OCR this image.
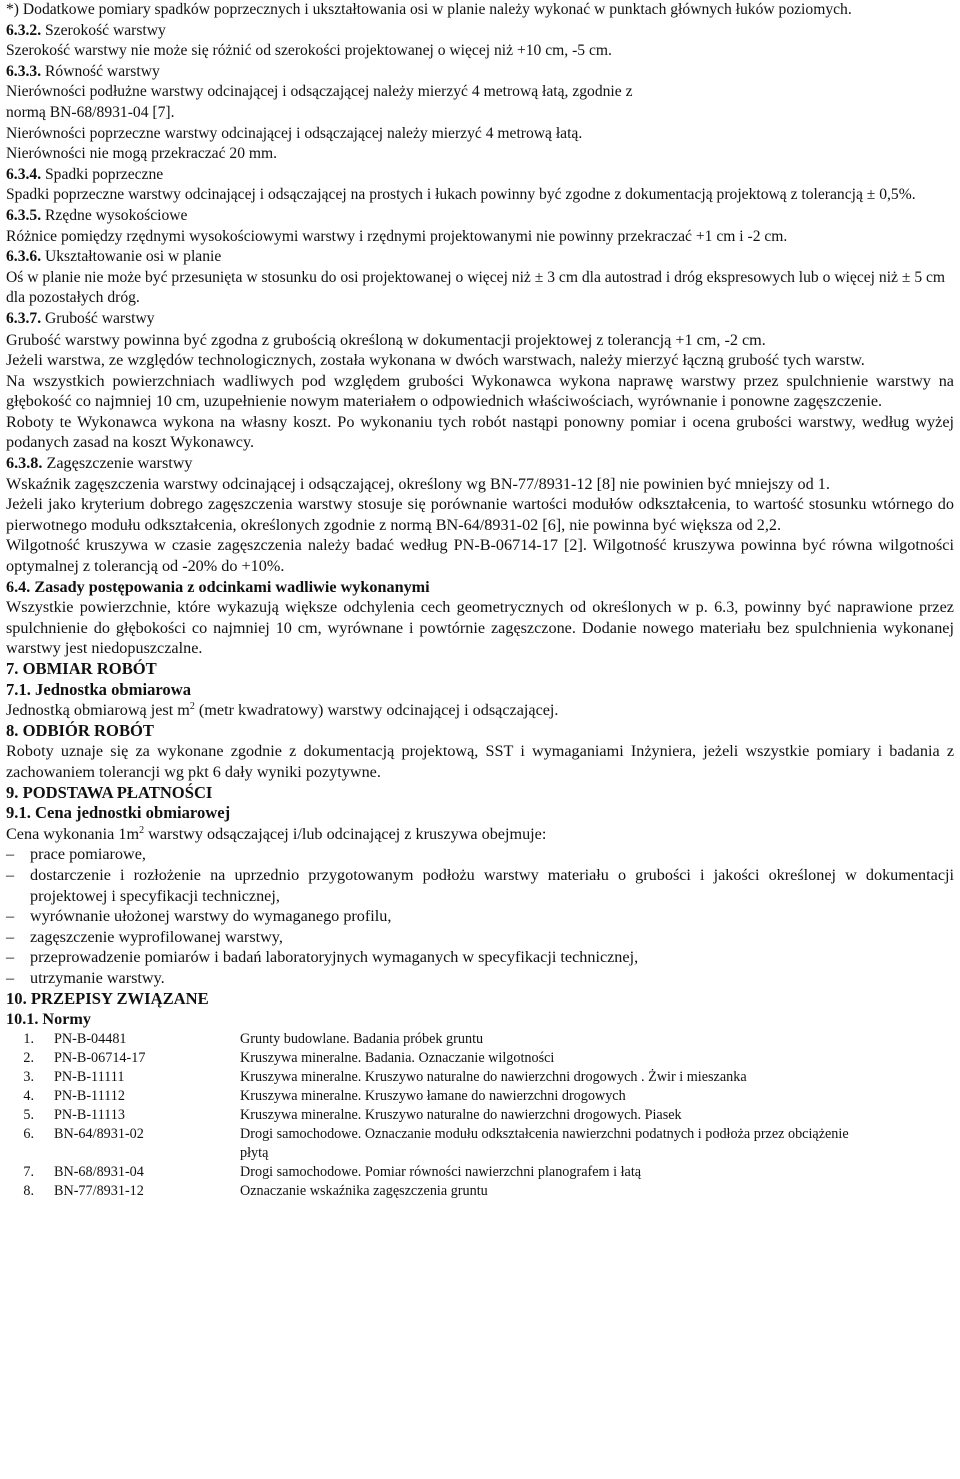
*) Dodatkowe pomiary spadków poprzecznych i ukształtowania osi w planie należy wykonać w punktach głównych łuków poziomych.

6.3.2. Szerokość warstwy

Szerokość warstwy nie może się różnić od szerokości projektowanej o więcej niż +10 cm, -5 cm.

6.3.3. Równość warstwy

Nierówności podłużne warstwy odcinającej i odsączającej należy mierzyć 4 metrową łatą, zgodnie z normą BN-68/8931-04 [7].

Nierówności poprzeczne warstwy odcinającej i odsączającej należy mierzyć 4 metrową łatą.

Nierówności nie mogą przekraczać 20 mm.

6.3.4. Spadki poprzeczne

Spadki poprzeczne warstwy odcinającej i odsączającej na prostych i łukach powinny być zgodne z dokumentacją projektową z tolerancją ± 0,5%.

6.3.5. Rzędne wysokościowe

Różnice pomiędzy rzędnymi wysokościowymi warstwy i rzędnymi projektowanymi nie powinny przekraczać +1 cm i -2 cm.

6.3.6. Ukształtowanie osi w planie

Oś w planie nie może być przesunięta w stosunku do osi projektowanej o więcej niż ± 3 cm dla autostrad i dróg ekspresowych lub o więcej niż ± 5 cm dla pozostałych dróg.

6.3.7. Grubość warstwy

Grubość warstwy powinna być zgodna z grubością określoną w dokumentacji projektowej z tolerancją +1 cm, -2 cm.

Jeżeli warstwa, ze względów technologicznych, została wykonana w dwóch warstwach, należy mierzyć łączną grubość tych warstw.

Na wszystkich powierzchniach wadliwych pod względem grubości Wykonawca wykona naprawę warstwy przez spulchnienie warstwy na głębokość co najmniej 10 cm, uzupełnienie nowym materiałem o odpowiednich właściwościach, wyrównanie i ponowne zagęszczenie.

Roboty te Wykonawca wykona na własny koszt. Po wykonaniu tych robót nastąpi ponowny pomiar i ocena grubości warstwy, według wyżej podanych zasad na koszt Wykonawcy.

6.3.8. Zagęszczenie warstwy

Wskaźnik zagęszczenia warstwy odcinającej i odsączającej, określony wg BN-77/8931-12 [8] nie powinien być mniejszy od 1.

Jeżeli jako kryterium dobrego zagęszczenia warstwy stosuje się porównanie wartości modułów odkształcenia, to wartość stosunku wtórnego do pierwotnego modułu odkształcenia, określonych zgodnie z normą BN-64/8931-02 [6], nie powinna być większa od 2,2.

Wilgotność kruszywa w czasie zagęszczenia należy badać według PN-B-06714-17 [2]. Wilgotność kruszywa powinna być równa wilgotności optymalnej z tolerancją od -20% do +10%.

6.4. Zasady postępowania z odcinkami wadliwie wykonanymi

Wszystkie powierzchnie, które wykazują większe odchylenia cech geometrycznych od określonych w p. 6.3, powinny być naprawione przez spulchnienie do głębokości co najmniej 10 cm, wyrównane i powtórnie zagęszczone. Dodanie nowego materiału bez spulchnienia wykonanej warstwy jest niedopuszczalne.

7. OBMIAR ROBÓT

7.1. Jednostka obmiarowa

Jednostką obmiarową jest $m^2$ (metr kwadratowy) warstwy odcinającej i odsączającej.

8. ODBIÓR ROBÓT

Roboty uznaje się za wykonane zgodnie z dokumentacją projektową, SST i wymaganiami Inżyniera, jeżeli wszystkie pomiary i badania z zachowaniem tolerancji wg pkt 6 dały wyniki pozytywne.

9. PODSTAWA PŁATNOŚCI

9.1. Cena jednostki obmiarowej

Cena wykonania $1m^2$ warstwy odsączającej i/lub odcinającej z kruszywa obejmuje:

– prace pomiarowe,
– dostarczenie i rozłożenie na uprzednio przygotowanym podłożu warstwy materiału o grubości i jakości określonej w dokumentacji projektowej i specyfikacji technicznej,
– wyrównanie ułożonej warstwy do wymaganego profilu,
– zagęszczenie wyprofilowanej warstwy,
– przeprowadzenie pomiarów i badań laboratoryjnych wymaganych w specyfikacji technicznej,
– utrzymanie warstwy.

10. PRZEPISY ZWIĄZANE

10.1. Normy

1.	PN-B-04481	Grunty budowlane. Badania próbek gruntu
2.	PN-B-06714-17	Kruszywa mineralne. Badania. Oznaczanie wilgotności
3.	PN-B-11111	Kruszywa mineralne. Kruszywo naturalne do nawierzchni drogowych . Żwir i mieszanka
4.	PN-B-11112	Kruszywa mineralne. Kruszywo łamane do nawierzchni drogowych
5.	PN-B-11113	Kruszywa mineralne. Kruszywo naturalne do nawierzchni drogowych. Piasek
6.	BN-64/8931-02	Drogi samochodowe. Oznaczanie modułu odkształcenia nawierzchni podatnych i podłoża przez obciążenie płytą
7.	BN-68/8931-04	Drogi samochodowe. Pomiar równości nawierzchni planografem i łatą
8.	BN-77/8931-12	Oznaczanie wskaźnika zagęszczenia gruntu
